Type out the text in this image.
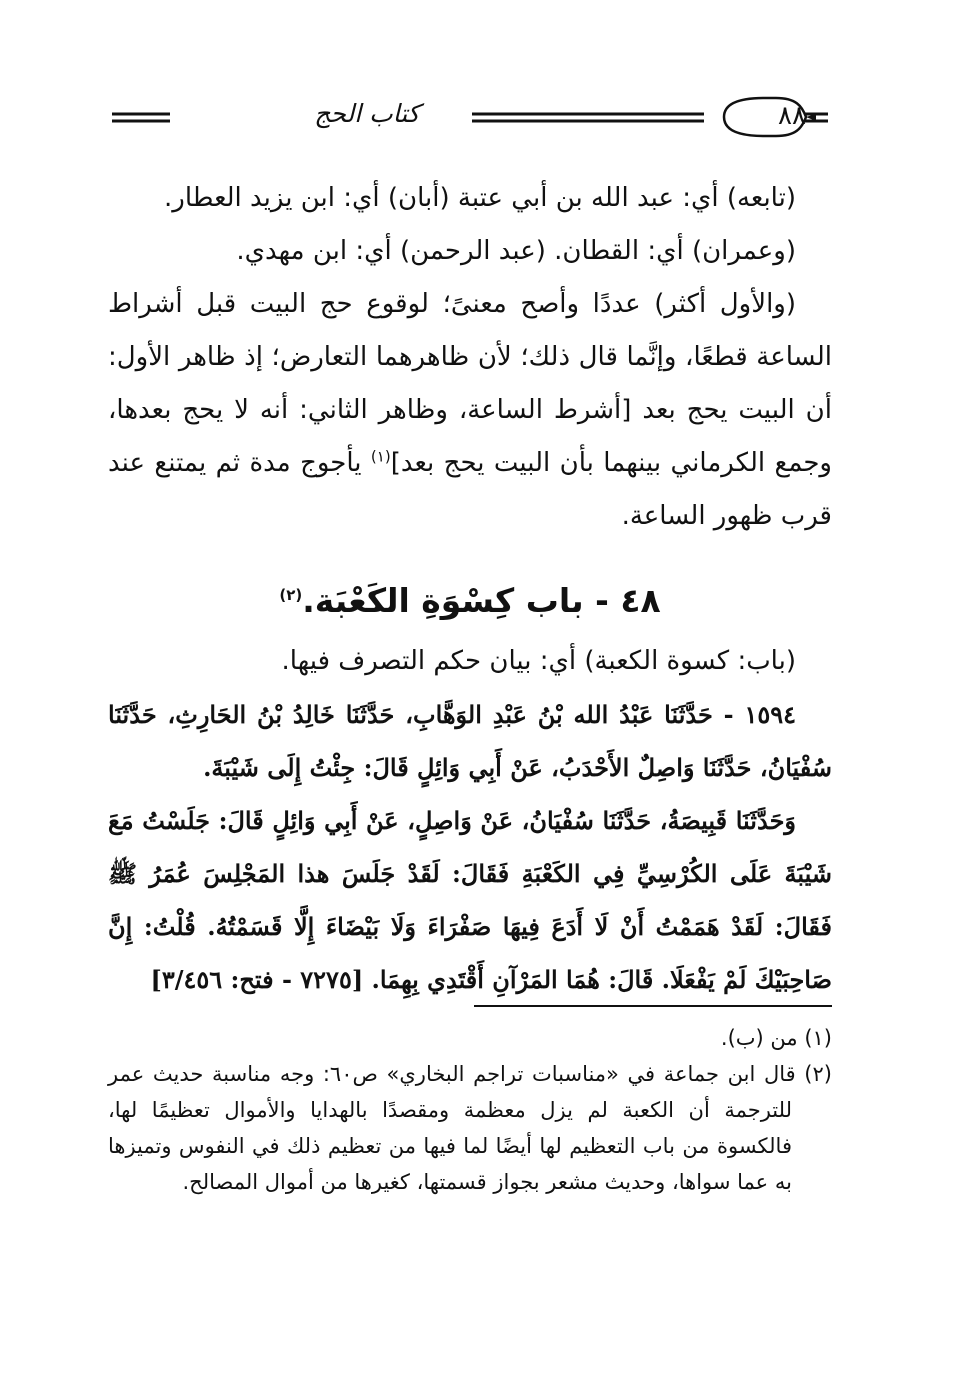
٨٨
كتاب الحج

(تابعه) أي: عبد الله بن أبي عتبة (أبان) أي: ابن يزيد العطار.

(وعمران) أي: القطان. (عبد الرحمن) أي: ابن مهدي.

(والأول أكثر) عددًا وأصح معنىً؛ لوقوع حج البيت قبل أشراط الساعة قطعًا، وإنَّما قال ذلك؛ لأن ظاهرهما التعارض؛ إذ ظاهر الأول: أن البيت يحج بعد [أشرط الساعة، وظاهر الثاني: أنه لا يحج بعدها، وجمع الكرماني بينهما بأن البيت يحج بعد]$^{(١)}$ يأجوج مدة ثم يمتنع عند قرب ظهور الساعة.

٤٨ - باب كِسْوَةِ الكَعْبَة.$^{(٢)}$

(باب: كسوة الكعبة) أي: بيان حكم التصرف فيها.

١٥٩٤ - حَدَّثَنَا عَبْدُ الله بْنُ عَبْدِ الوَهَّابِ، حَدَّثَنَا خَالِدُ بْنُ الحَارِثِ، حَدَّثَنَا سُفْيَانُ، حَدَّثَنَا وَاصِلٌ الأَحْدَبُ، عَنْ أَبِي وَائِلٍ قَالَ: جِئْتُ إِلَى شَيْبَةَ.

وَحَدَّثَنَا قَبِيصَةُ، حَدَّثَنَا سُفْيَانُ، عَنْ وَاصِلٍ، عَنْ أَبِي وَائِلٍ قَالَ: جَلَسْتُ مَعَ شَيْبَةَ عَلَى الكُرْسِيِّ فِي الكَعْبَةِ فَقَالَ: لَقَدْ جَلَسَ هذا المَجْلِسَ عُمَرُ ﷺ فَقَالَ: لَقَدْ هَمَمْتُ أَنْ لَا أَدَعَ فِيهَا صَفْرَاءَ وَلَا بَيْضَاءَ إِلَّا قَسَمْتُهُ. قُلْتُ: إِنَّ صَاحِبَيْكَ لَمْ يَفْعَلَا. قَالَ: هُمَا المَرْآنِ أَقْتَدِي بِهِمَا. [٧٢٧٥ - فتح: ٣/٤٥٦]

(١) من (ب).

(٢) قال ابن جماعة في «مناسبات تراجم البخاري» ص٦٠: وجه مناسبة حديث عمر للترجمة أن الكعبة لم يزل معظمة ومقصدًا بالهدايا والأموال تعظيمًا لها، فالكسوة من باب التعظيم لها أيضًا لما فيها من تعظيم ذلك في النفوس وتميزها به عما سواها، وحديث مشعر بجواز قسمتها، كغيرها من أموال المصالح.
